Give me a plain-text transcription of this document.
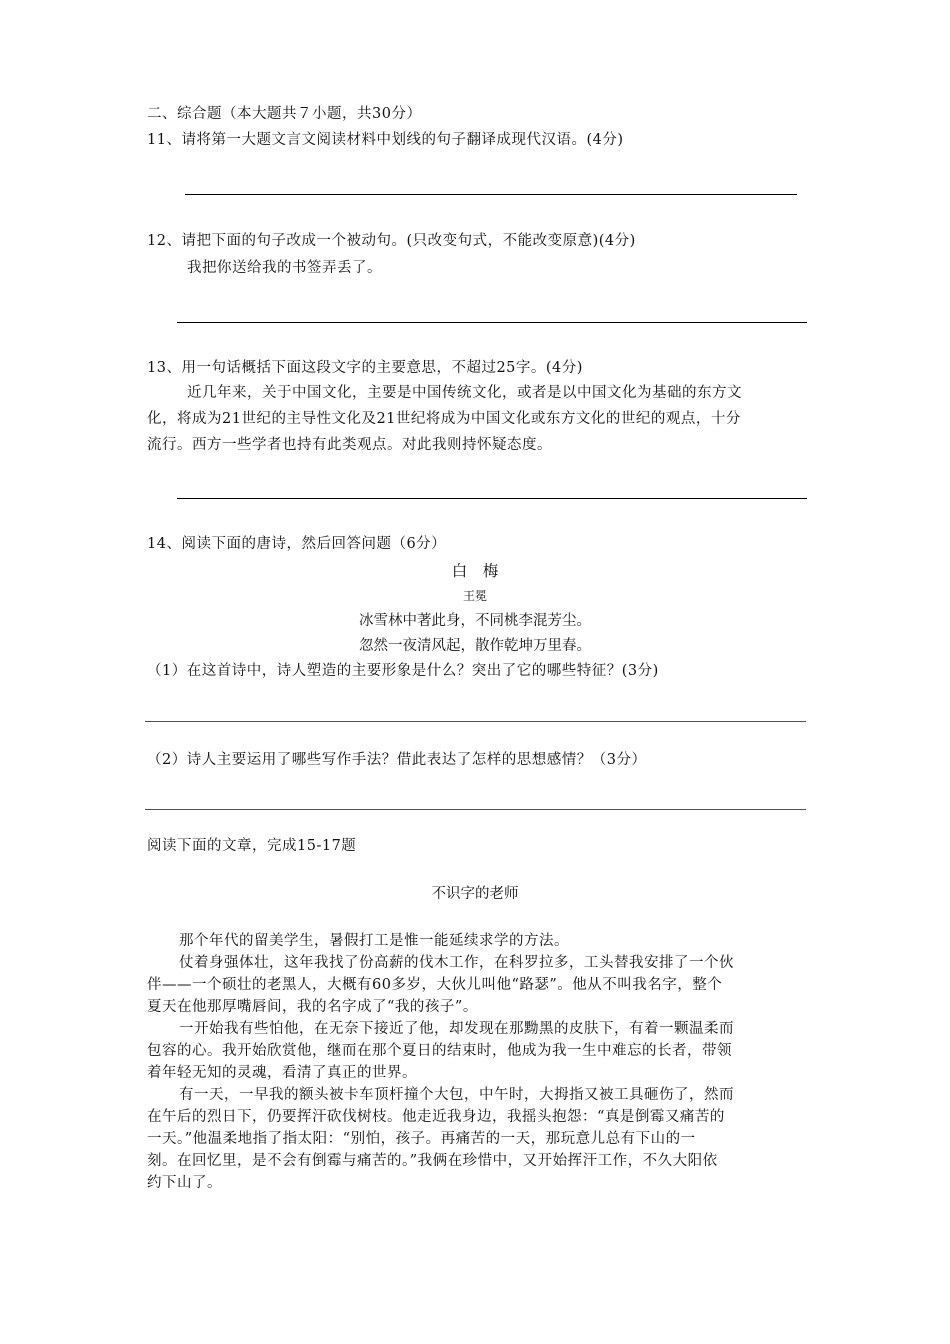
二、综合题（本大题共７小题，共30分）
11、请将第一大题文言文阅读材料中划线的句子翻译成现代汉语。(4分)
12、请把下面的句子改成一个被动句。(只改变句式，不能改变原意)(4分)
我把你送给我的书签弄丢了。
13、用一句话概括下面这段文字的主要意思，不超过25字。(4分)
近几年来，关于中国文化，主要是中国传统文化，或者是以中国文化为基础的东方文
化，将成为21世纪的主导性文化及21世纪将成为中国文化或东方文化的世纪的观点，十分
流行。西方一些学者也持有此类观点。对此我则持怀疑态度。
14、阅读下面的唐诗，然后回答问题（6分）
白　梅
王冕
冰雪林中著此身，不同桃李混芳尘。
忽然一夜清风起，散作乾坤万里春。
（1）在这首诗中，诗人塑造的主要形象是什么？突出了它的哪些特征？(3分)
（2）诗人主要运用了哪些写作手法？借此表达了怎样的思想感情？（3分）
阅读下面的文章，完成15-17题
不识字的老师
那个年代的留美学生，暑假打工是惟一能延续求学的方法。
仗着身强体壮，这年我找了份高薪的伐木工作，在科罗拉多，工头替我安排了一个伙
伴——一个硕壮的老黑人，大概有60多岁，大伙儿叫他“路瑟”。他从不叫我名字，整个
夏天在他那厚嘴唇间，我的名字成了“我的孩子”。
一开始我有些怕他，在无奈下接近了他，却发现在那黝黑的皮肤下，有着一颗温柔而
包容的心。我开始欣赏他，继而在那个夏日的结束时，他成为我一生中难忘的长者，带领
着年轻无知的灵魂，看清了真正的世界。
有一天，一早我的额头被卡车顶杆撞个大包，中午时，大拇指又被工具砸伤了，然而
在午后的烈日下，仍要挥汗砍伐树枝。他走近我身边，我摇头抱怨：“真是倒霉又痛苦的
一天。”他温柔地指了指太阳：“别怕，孩子。再痛苦的一天，那玩意儿总有下山的一
刻。在回忆里，是不会有倒霉与痛苦的。”我俩在珍惜中，又开始挥汗工作，不久大阳依
约下山了。
